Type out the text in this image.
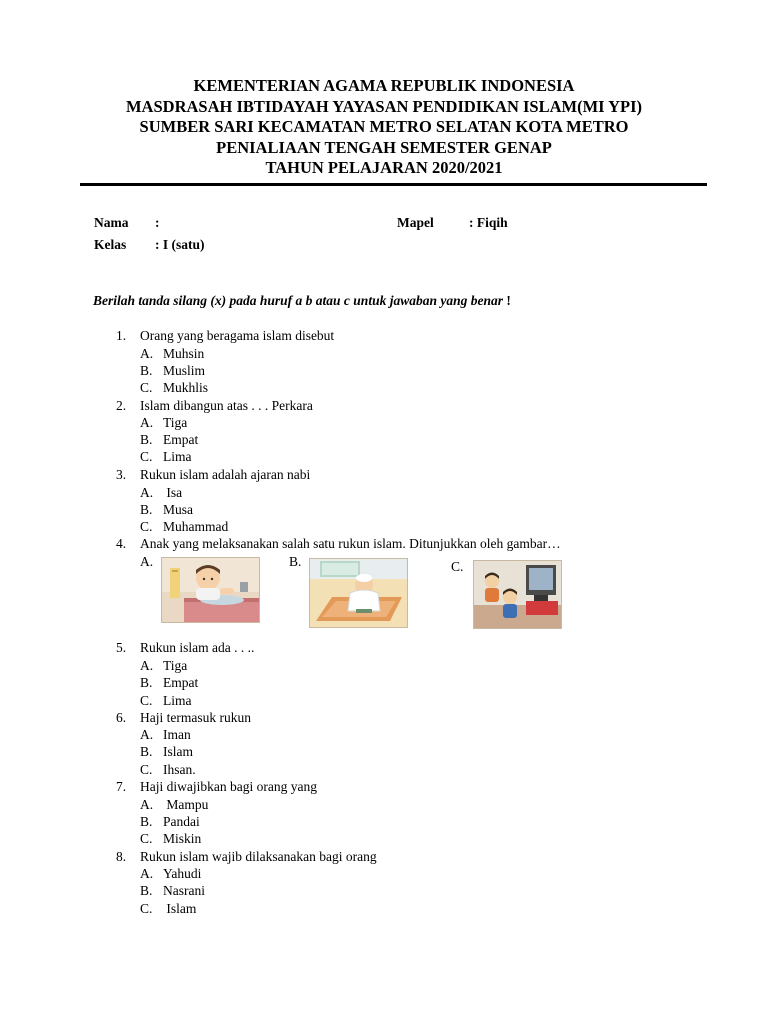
KEMENTERIAN AGAMA REPUBLIK INDONESIA
MASDRASAH IBTIDAYAH YAYASAN PENDIDIKAN ISLAM(MI YPI)
SUMBER SARI KECAMATAN METRO SELATAN KOTA METRO
PENIALIAAN TENGAH SEMESTER GENAP
TAHUN PELAJARAN 2020/2021
Nama :
Kelas : I (satu)
Mapel	: Fiqih
Berilah tanda silang (x) pada huruf a b atau c untuk jawaban yang benar !
1. Orang yang beragama islam disebut
A. Muhsin
B. Muslim
C. Mukhlis
2. Islam dibangun atas . . . Perkara
A. Tiga
B. Empat
C. Lima
3. Rukun islam adalah ajaran nabi
A. Isa
B. Musa
C. Muhammad
4. Anak yang melaksanakan salah satu rukun islam. Ditunjukkan oleh gambar…
A.	B.	C.
5. Rukun islam ada . . ..
A. Tiga
B. Empat
C. Lima
6. Haji termasuk rukun
A. Iman
B. Islam
C. Ihsan.
7. Haji diwajibkan bagi orang yang
A. Mampu
B. Pandai
C. Miskin
8. Rukun islam wajib dilaksanakan bagi orang
A. Yahudi
B. Nasrani
C. Islam
